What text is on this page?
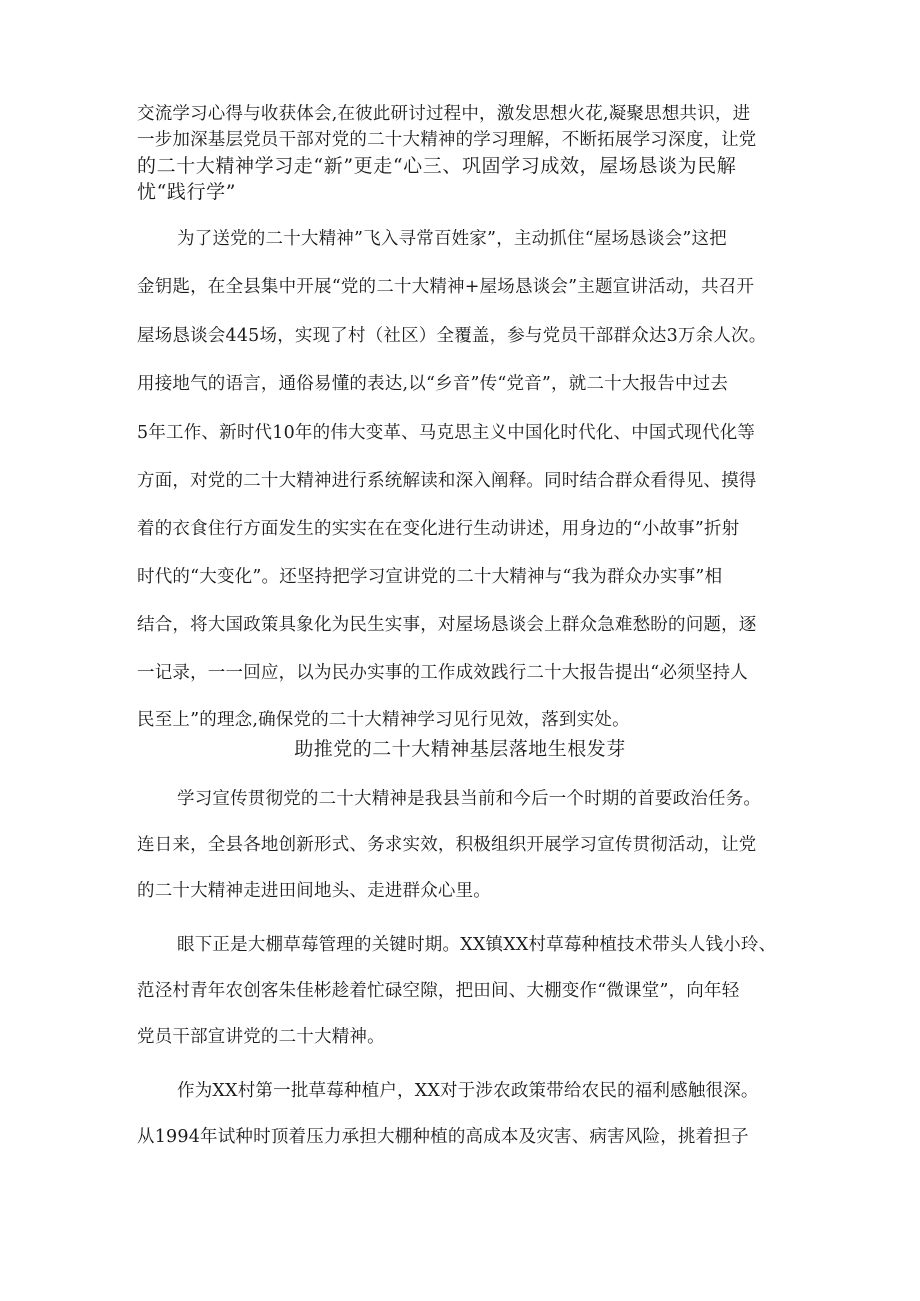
交流学习心得与收获体会,在彼此研讨过程中，激发思想火花,凝聚思想共识，进
一步加深基层党员干部对党的二十大精神的学习理解，不断拓展学习深度，让党
的二十大精神学习走“新”更走“心三、巩固学习成效，屋场恳谈为民解
忧“践行学”
为了送党的二十大精神”飞入寻常百姓家”，主动抓住“屋场恳谈会”这把
金钥匙，在全县集中开展“党的二十大精神+屋场恳谈会”主题宣讲活动，共召开
屋场恳谈会445场，实现了村（社区）全覆盖，参与党员干部群众达3万余人次。
用接地气的语言，通俗易懂的表达,以“乡音”传“党音”，就二十大报告中过去
5年工作、新时代10年的伟大变革、马克思主义中国化时代化、中国式现代化等
方面，对党的二十大精神进行系统解读和深入阐释。同时结合群众看得见、摸得
着的衣食住行方面发生的实实在在变化进行生动讲述，用身边的“小故事”折射
时代的“大变化”。还坚持把学习宣讲党的二十大精神与“我为群众办实事”相
结合，将大国政策具象化为民生实事，对屋场恳谈会上群众急难愁盼的问题，逐
一记录，一一回应，以为民办实事的工作成效践行二十大报告提出“必须坚持人
民至上”的理念,确保党的二十大精神学习见行见效，落到实处。
助推党的二十大精神基层落地生根发芽
学习宣传贯彻党的二十大精神是我县当前和今后一个时期的首要政治任务。
连日来，全县各地创新形式、务求实效，积极组织开展学习宣传贯彻活动，让党
的二十大精神走进田间地头、走进群众心里。
眼下正是大棚草莓管理的关键时期。XX镇XX村草莓种植技术带头人钱小玲、
范泾村青年农创客朱佳彬趁着忙碌空隙，把田间、大棚变作“微课堂”，向年轻
党员干部宣讲党的二十大精神。
作为XX村第一批草莓种植户，XX对于涉农政策带给农民的福利感触很深。
从1994年试种时顶着压力承担大棚种植的高成本及灾害、病害风险，挑着担子
